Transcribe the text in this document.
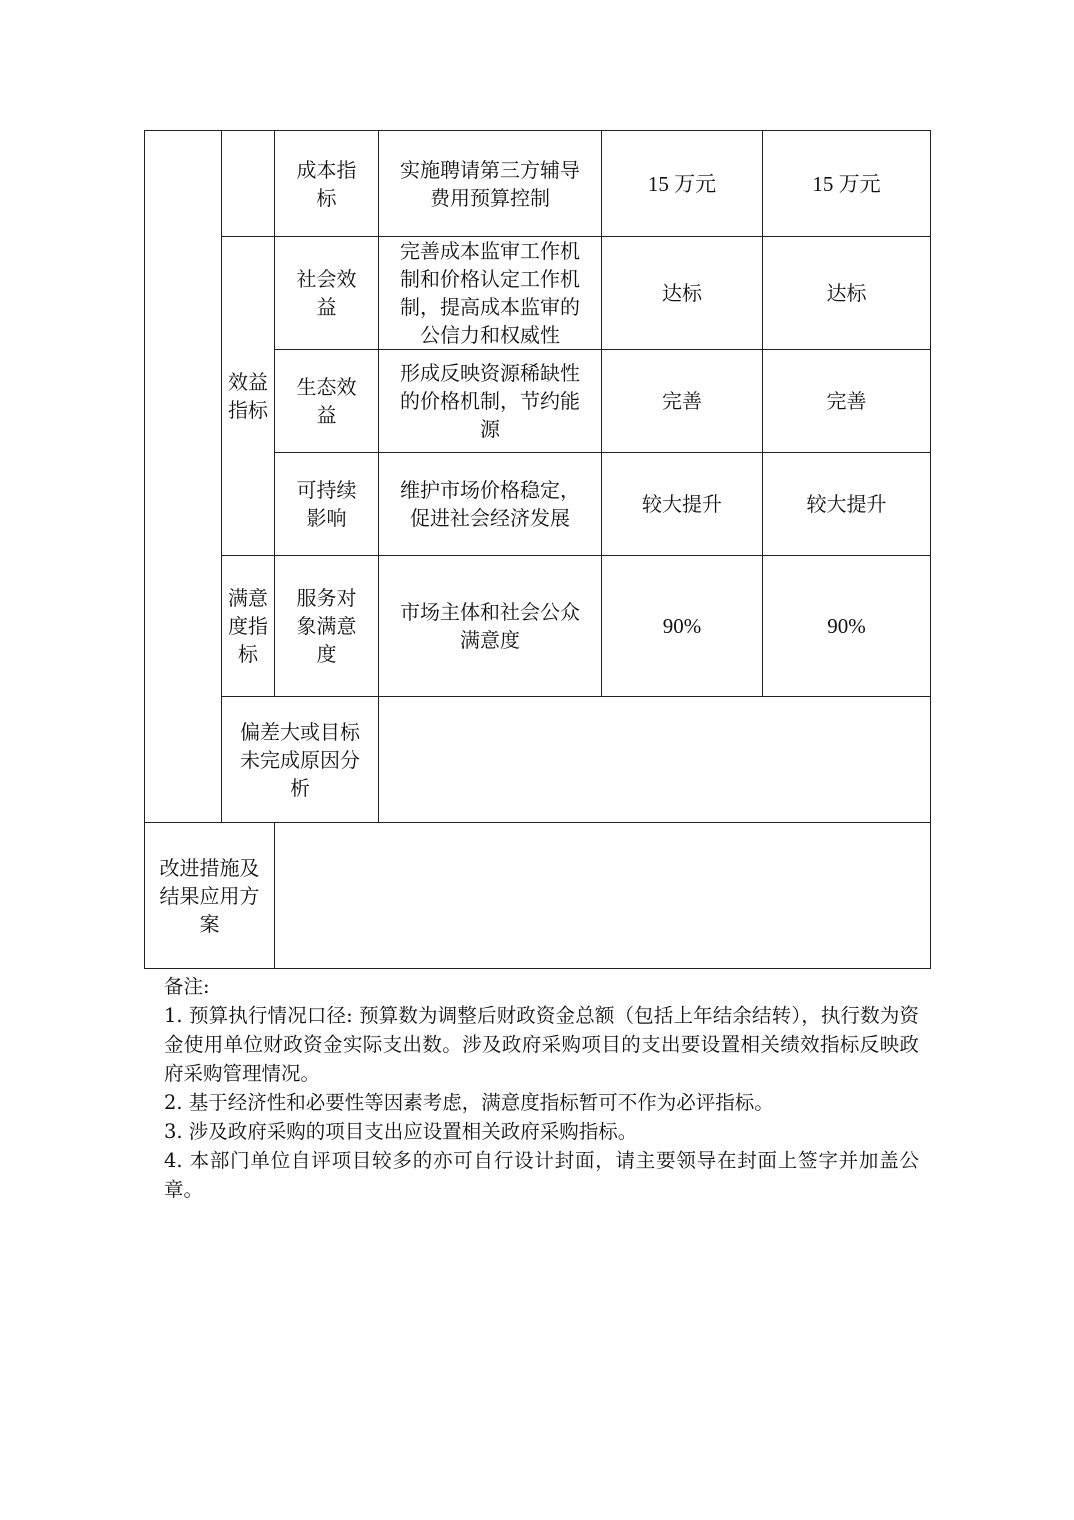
		成本指标	实施聘请第三方辅导费用预算控制	15 万元	15 万元
	效益指标	社会效益	完善成本监审工作机制和价格认定工作机制，提高成本监审的公信力和权威性	达标	达标
		生态效益	形成反映资源稀缺性的价格机制，节约能源	完善	完善
		可持续影响	维护市场价格稳定，促进社会经济发展	较大提升	较大提升
	满意度指标	服务对象满意度	市场主体和社会公众满意度	90%	90%
	偏差大或目标未完成原因分析				
改进措施及结果应用方案					

备注:

1. 预算执行情况口径: 预算数为调整后财政资金总额（包括上年结余结转），执行数为资金使用单位财政资金实际支出数。涉及政府采购项目的支出要设置相关绩效指标反映政府采购管理情况。

2. 基于经济性和必要性等因素考虑，满意度指标暂可不作为必评指标。

3. 涉及政府采购的项目支出应设置相关政府采购指标。

4. 本部门单位自评项目较多的亦可自行设计封面，请主要领导在封面上签字并加盖公章。
